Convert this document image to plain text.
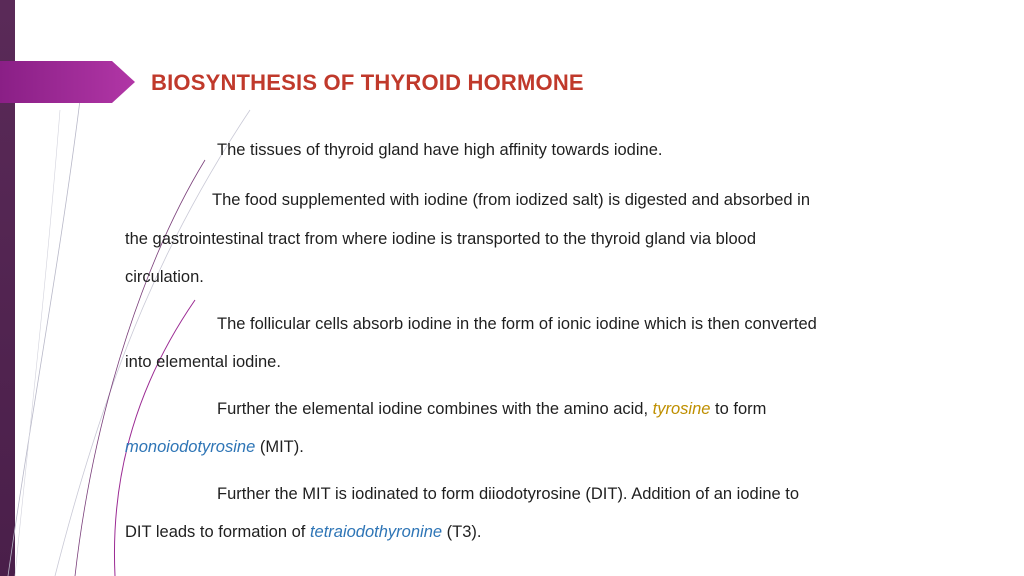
BIOSYNTHESIS OF THYROID HORMONE
The tissues of thyroid gland have high affinity towards iodine.
The food supplemented with iodine (from iodized salt) is digested and absorbed in
the gastrointestinal tract from where iodine is transported to the thyroid gland via blood
circulation.
The follicular cells absorb iodine in the form of ionic iodine which is then converted
into elemental iodine.
Further the elemental iodine combines with the amino acid, tyrosine to form
monoiodotyrosine (MIT).
Further the MIT is iodinated to form diiodotyrosine (DIT). Addition of an iodine to
DIT leads to formation of tetraiodothyronine (T3).
